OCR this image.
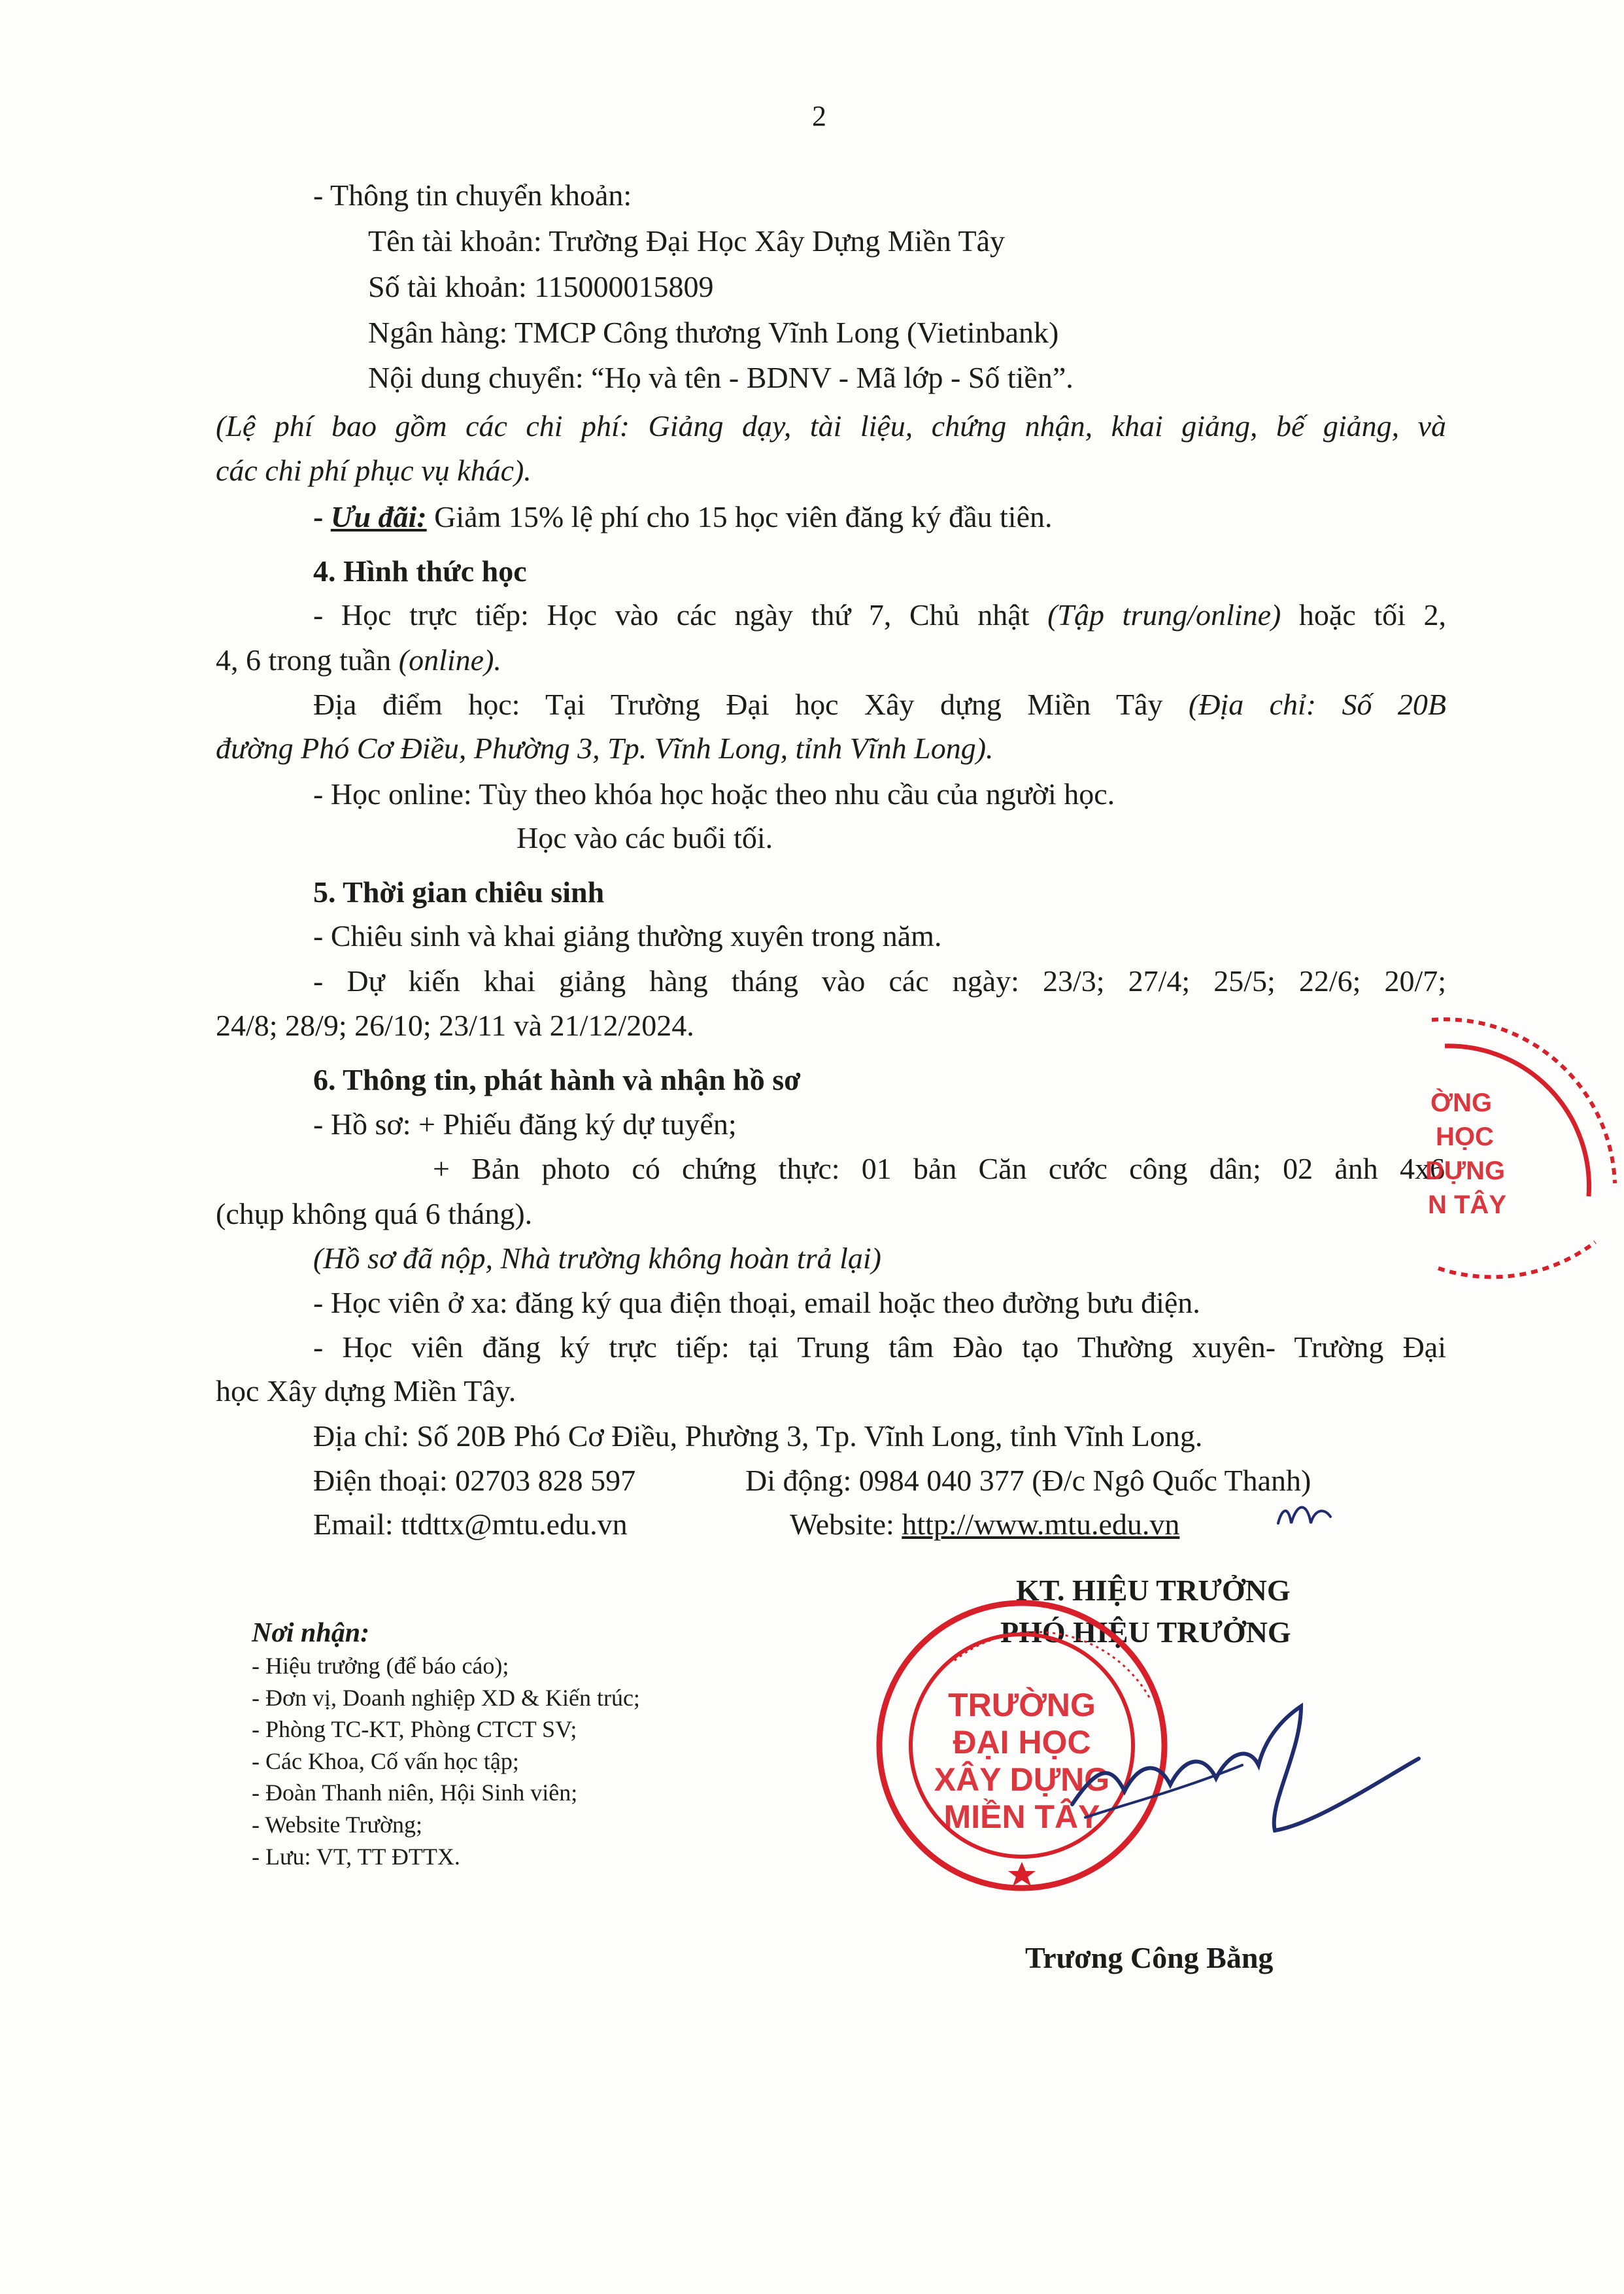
2
- Thông tin chuyển khoản:
Tên tài khoản: Trường Đại Học Xây Dựng Miền Tây
Số tài khoản: 115000015809
Ngân hàng: TMCP Công thương Vĩnh Long (Vietinbank)
Nội dung chuyển: “Họ và tên - BDNV - Mã lớp - Số tiền”.
(Lệ phí bao gồm các chi phí: Giảng dạy, tài liệu, chứng nhận, khai giảng, bế giảng, và
các chi phí phục vụ khác).
- Ưu đãi: Giảm 15% lệ phí cho 15 học viên đăng ký đầu tiên.
4. Hình thức học
- Học trực tiếp: Học vào các ngày thứ 7, Chủ nhật (Tập trung/online) hoặc tối 2,
4, 6 trong tuần (online).
Địa điểm học: Tại Trường Đại học Xây dựng Miền Tây (Địa chỉ: Số 20B
đường Phó Cơ Điều, Phường 3, Tp. Vĩnh Long, tỉnh Vĩnh Long).
- Học online: Tùy theo khóa học hoặc theo nhu cầu của người học.
Học vào các buổi tối.
5. Thời gian chiêu sinh
- Chiêu sinh và khai giảng thường xuyên trong năm.
- Dự kiến khai giảng hàng tháng vào các ngày: 23/3; 27/4; 25/5; 22/6; 20/7;
24/8; 28/9; 26/10; 23/11 và 21/12/2024.
6. Thông tin, phát hành và nhận hồ sơ
- Hồ sơ: + Phiếu đăng ký dự tuyển;
+ Bản photo có chứng thực: 01 bản Căn cước công dân; 02 ảnh 4x6
(chụp không quá 6 tháng).
(Hồ sơ đã nộp, Nhà trường không hoàn trả lại)
- Học viên ở xa: đăng ký qua điện thoại, email hoặc theo đường bưu điện.
- Học viên đăng ký trực tiếp: tại Trung tâm Đào tạo Thường xuyên- Trường Đại
học Xây dựng Miền Tây.
Địa chỉ: Số 20B Phó Cơ Điều, Phường 3, Tp. Vĩnh Long, tỉnh Vĩnh Long.
Điện thoại: 02703 828 597	Di động: 0984 040 377 (Đ/c Ngô Quốc Thanh)
Email: ttdttx@mtu.edu.vn	Website: http://www.mtu.edu.vn
Nơi nhận:
- Hiệu trưởng (để báo cáo);
- Đơn vị, Doanh nghiệp XD & Kiến trúc;
- Phòng TC-KT, Phòng CTCT SV;
- Các Khoa, Cố vấn học tập;
- Đoàn Thanh niên, Hội Sinh viên;
- Website Trường;
- Lưu: VT, TT ĐTTX.
KT. HIỆU TRƯỞNG
PHÓ HIỆU TRƯỞNG
Trương Công Bằng
ỜNG
HỌC
DỰNG
N TÂY
TRƯỜNG
ĐẠI HỌC
XÂY DỰNG
MIỀN TÂY
